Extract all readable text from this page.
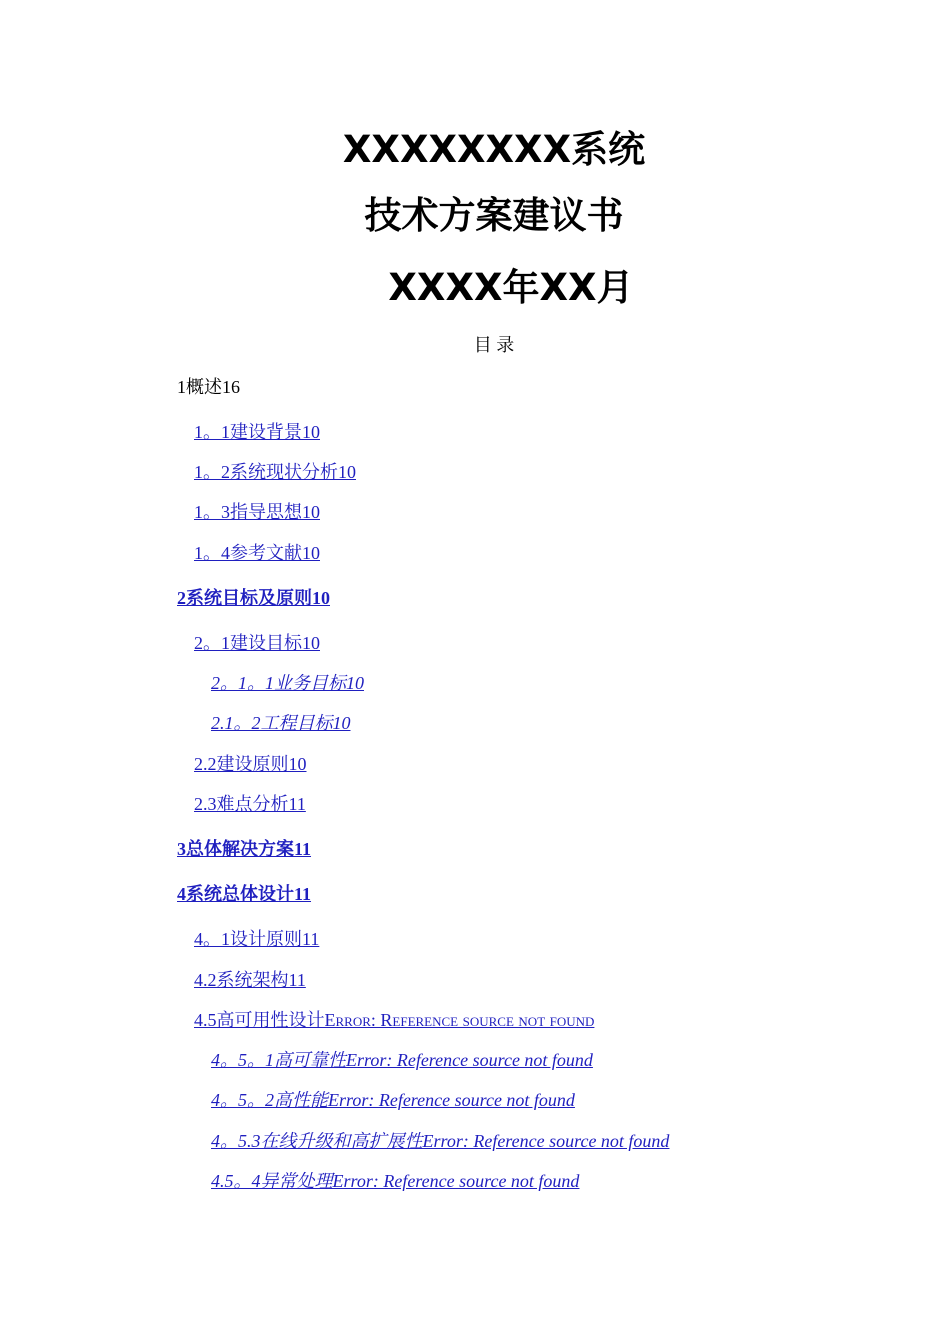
XXXXXXXX系统
技术方案建议书
XXXX年XX月
目 录
1概述16
1。1建设背景10
1。2系统现状分析10
1。3指导思想10
1。4参考文献10
2系统目标及原则10
2。1建设目标10
2。1。1业务目标10
2.1。2工程目标10
2.2建设原则10
2.3难点分析11
3总体解决方案11
4系统总体设计11
4。1设计原则11
4.2系统架构11
4.5高可用性设计Error: Reference source not found
4。5。1高可靠性Error: Reference source not found
4。5。2高性能Error: Reference source not found
4。5.3在线升级和高扩展性Error: Reference source not found
4.5。4异常处理Error: Reference source not found
